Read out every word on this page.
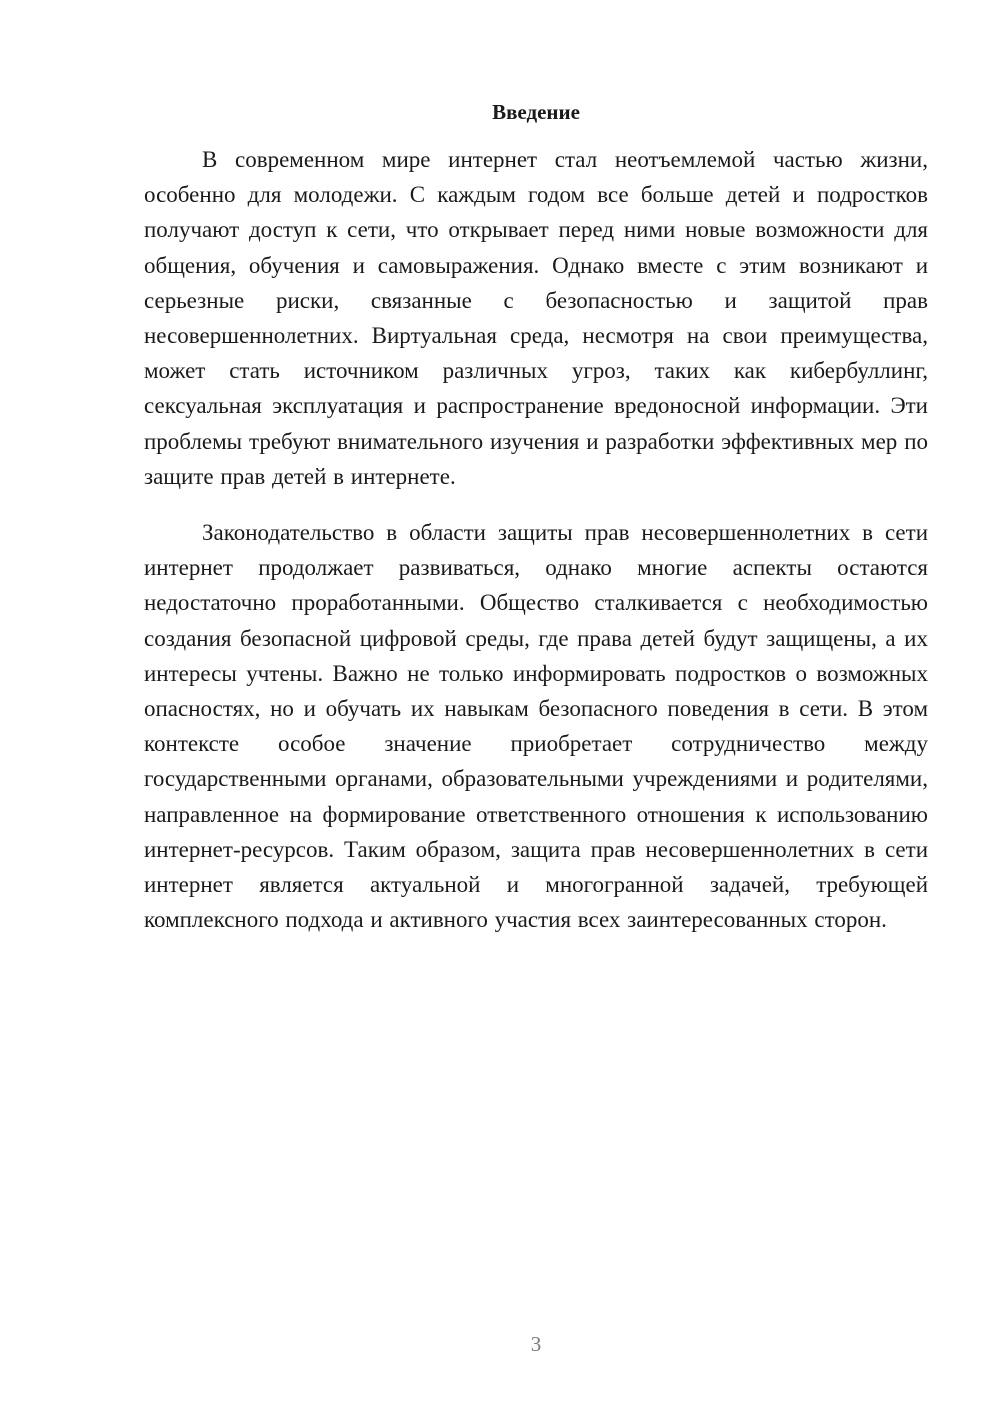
Введение

В современном мире интернет стал неотъемлемой частью жизни, особенно для молодежи. С каждым годом все больше детей и подростков получают доступ к сети, что открывает перед ними новые возможности для общения, обучения и самовыражения. Однако вместе с этим возникают и серьезные риски, связанные с безопасностью и защитой прав несовершеннолетних. Виртуальная среда, несмотря на свои преимущества, может стать источником различных угроз, таких как кибербуллинг, сексуальная эксплуатация и распространение вредоносной информации. Эти проблемы требуют внимательного изучения и разработки эффективных мер по защите прав детей в интернете.

Законодательство в области защиты прав несовершеннолетних в сети интернет продолжает развиваться, однако многие аспекты остаются недостаточно проработанными. Общество сталкивается с необходимостью создания безопасной цифровой среды, где права детей будут защищены, а их интересы учтены. Важно не только информировать подростков о возможных опасностях, но и обучать их навыкам безопасного поведения в сети. В этом контексте особое значение приобретает сотрудничество между государственными органами, образовательными учреждениями и родителями, направленное на формирование ответственного отношения к использованию интернет-ресурсов. Таким образом, защита прав несовершеннолетних в сети интернет является актуальной и многогранной задачей, требующей комплексного подхода и активного участия всех заинтересованных сторон.

3
